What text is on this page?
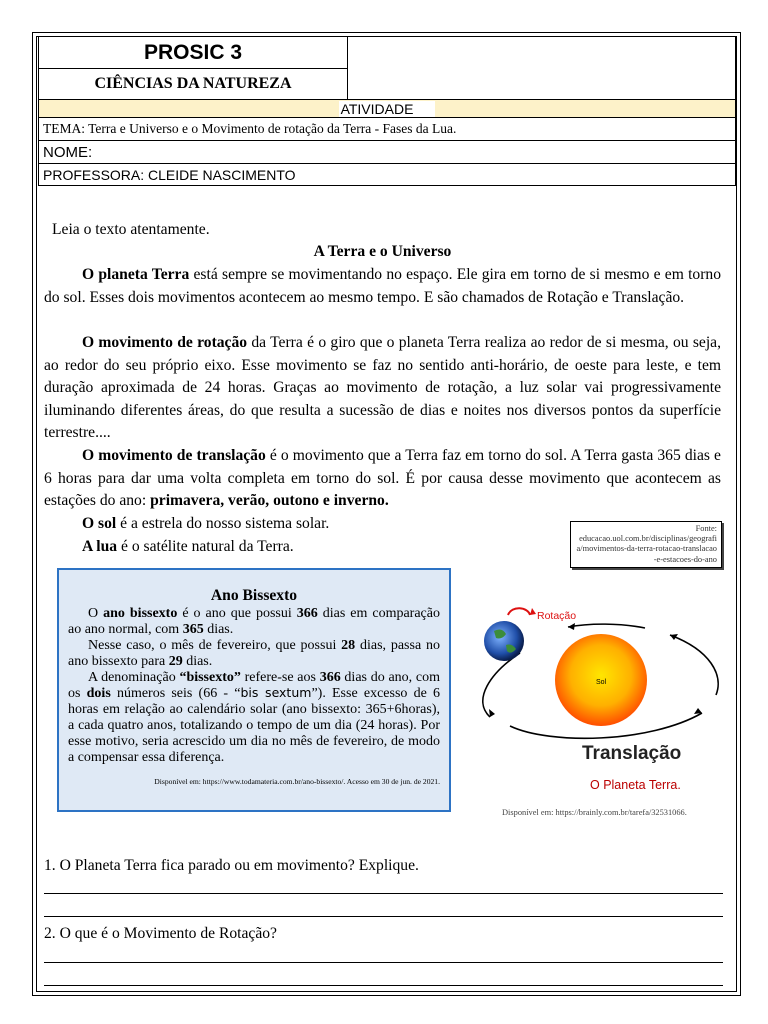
PROSIC 3	
CIÊNCIAS DA NATUREZA
ATIVIDADE
TEMA: Terra e Universo e o Movimento de rotação da Terra - Fases da Lua.
NOME:
PROFESSORA: CLEIDE NASCIMENTO
Leia o texto atentamente.
A Terra e o Universo
O planeta Terra está sempre se movimentando no espaço. Ele gira em torno de si mesmo e em torno do sol. Esses dois movimentos acontecem ao mesmo tempo. E são chamados de Rotação e Translação.
O movimento de rotação da Terra é o giro que o planeta Terra realiza ao redor de si mesma, ou seja, ao redor do seu próprio eixo. Esse movimento se faz no sentido anti-horário, de oeste para leste, e tem duração aproximada de 24 horas. Graças ao movimento de rotação, a luz solar vai progressivamente iluminando diferentes áreas, do que resulta a sucessão de dias e noites nos diversos pontos da superfície terrestre....
O movimento de translação é o movimento que a Terra faz em torno do sol. A Terra gasta 365 dias e 6 horas para dar uma volta completa em torno do sol. É por causa desse movimento que acontecem as estações do ano: primavera, verão, outono e inverno.
O sol é a estrela do nosso sistema solar.
A lua é o satélite natural da Terra.
Fonte:
educacao.uol.com.br/disciplinas/geografia/movimentos-da-terra-rotacao-translacao-e-estacoes-do-ano
Ano Bissexto

O ano bissexto é o ano que possui 366 dias em comparação ao ano normal, com 365 dias.

Nesse caso, o mês de fevereiro, que possui 28 dias, passa no ano bissexto para 29 dias.

A denominação “bissexto” refere-se aos 366 dias do ano, com os dois números seis (66 - “bis sextum”). Esse excesso de 6 horas em relação ao calendário solar (ano bissexto: 365+6horas), a cada quatro anos, totalizando o tempo de um dia (24 horas). Por esse motivo, seria acrescido um dia no mês de fevereiro, de modo a compensar essa diferença.

Disponível em: https://www.todamateria.com.br/ano-bissexto/. Acesso em 30 de jun. de 2021.

Sol
Rotação
Translação
O Planeta Terra.
Disponível em: https://brainly.com.br/tarefa/32531066.
1. O Planeta Terra fica parado ou em movimento? Explique.
2. O que é o Movimento de Rotação?
